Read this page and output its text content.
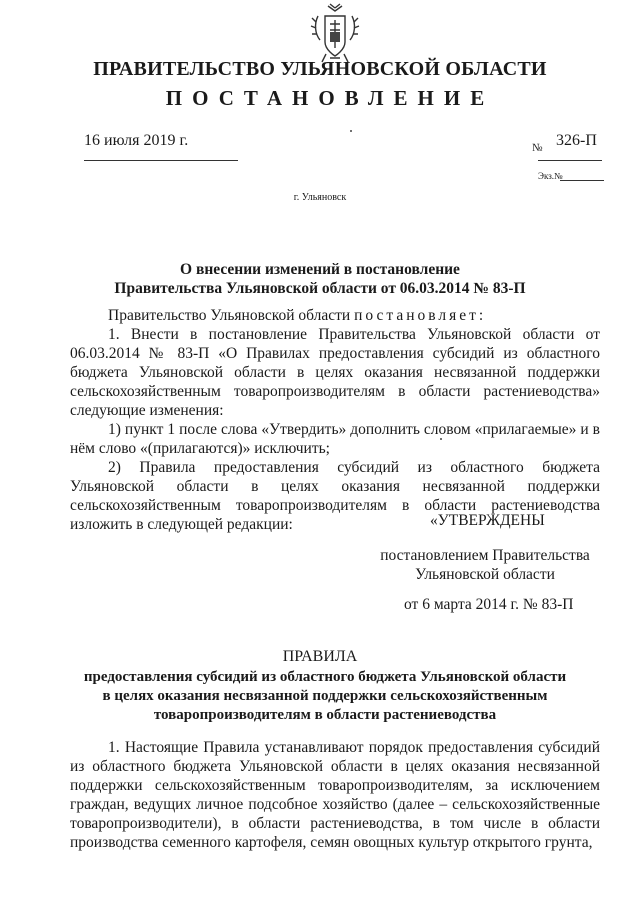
ПРАВИТЕЛЬСТВО УЛЬЯНОВСКОЙ ОБЛАСТИ
ПОСТАНОВЛЕНИЕ
16 июля 2019 г.	№ 326-П
Экз.№
г. Ульяновск
О внесении изменений в постановление
Правительства Ульяновской области от 06.03.2014 № 83-П

Правительство Ульяновской области постановляет:

1. Внести в постановление Правительства Ульяновской области от 06.03.2014 № 83-П «О Правилах предоставления субсидий из областного бюджета Ульяновской области в целях оказания несвязанной поддержки сельскохозяйственным товаропроизводителям в области растениеводства» следующие изменения:

1) пункт 1 после слова «Утвердить» дополнить словом «прилагаемые» и в нём слово «(прилагаются)» исключить;

2) Правила предоставления субсидий из областного бюджета Ульяновской области в целях оказания несвязанной поддержки сельскохозяйственным товаропроизводителям в области растениеводства изложить в следующей редакции:	«УТВЕРЖДЕНЫ
постановлением Правительства
Ульяновской области
от 6 марта 2014 г. № 83-П
ПРАВИЛА
предоставления субсидий из областного бюджета Ульяновской области
в целях оказания несвязанной поддержки сельскохозяйственным
товаропроизводителям в области растениеводства

1. Настоящие Правила устанавливают порядок предоставления субсидий из областного бюджета Ульяновской области в целях оказания несвязанной поддержки сельскохозяйственным товаропроизводителям, за исключением граждан, ведущих личное подсобное хозяйство (далее – сельскохозяйственные товаропроизводители), в области растениеводства, в том числе в области производства семенного картофеля, семян овощных культур открытого грунта,
